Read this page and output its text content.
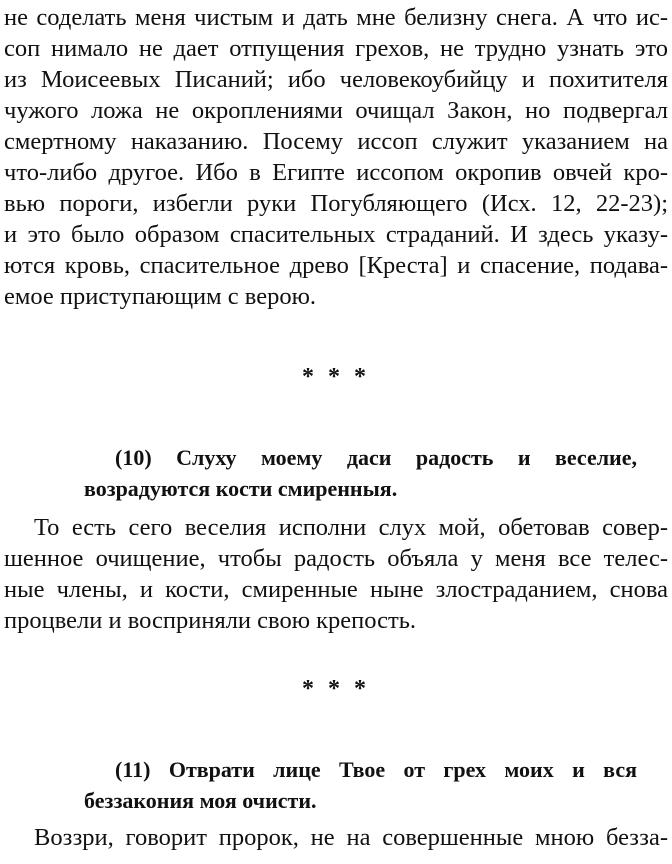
не соделать меня чистым и дать мне белизну снега. А что ис-
соп нимало не дает отпущения грехов, не трудно узнать это
из Моисеевых Писаний; ибо человекоубийцу и похитителя
чужого ложа не окроплениями очищал Закон, но подвергал
смертному наказанию. Посему иссоп служит указанием на
что-либо другое. Ибо в Египте иссопом окропив овчей кро-
вью пороги, избегли руки Погубляющего (Исх. 12, 22-23);
и это было образом спасительных страданий. И здесь указу-
ются кровь, спасительное древо [Креста] и спасение, подава-
емое приступающим с верою.
* * *
(10) Слуху моему даси радость и веселие,
возрадуются кости смиренныя.
То есть сего веселия исполни слух мой, обетовав совер-
шенное очищение, чтобы радость объяла у меня все телес-
ные члены, и кости, смиренные ныне злостраданием, снова
процвели и восприняли свою крепость.
* * *
(11) Отврати лице Твое от грех моих и вся
беззакония моя очисти.
Воззри, говорит пророк, не на совершенные мною безза-
